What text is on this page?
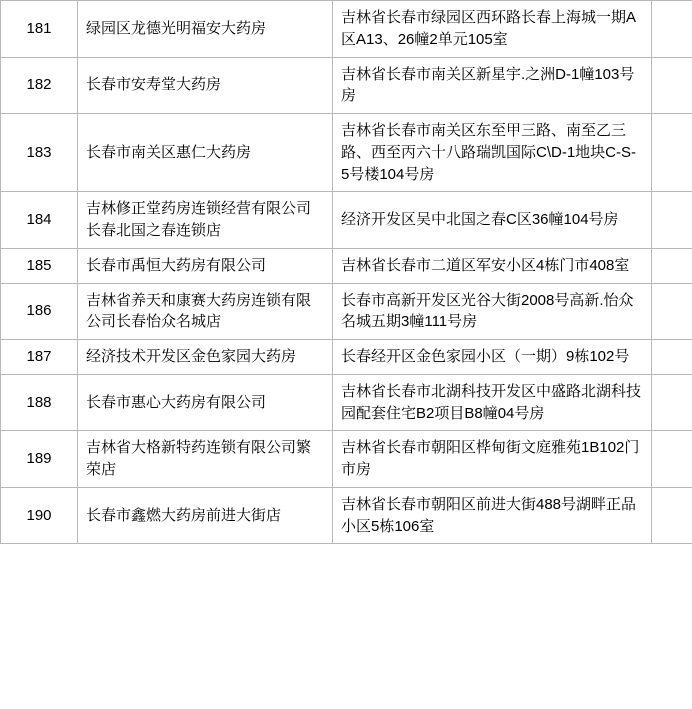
181	绿园区龙德光明福安大药房	吉林省长春市绿园区西环路长春上海城一期A区A13、26幢2单元105室	
182	长春市安寿堂大药房	吉林省长春市南关区新星宇.之洲D-1幢103号房	
183	长春市南关区惠仁大药房	吉林省长春市南关区东至甲三路、南至乙三路、西至丙六十八路瑞凯国际C\D-1地块C-S-5号楼104号房	
184	吉林修正堂药房连锁经营有限公司长春北国之春连锁店	经济开发区吴中北国之春C区36幢104号房	
185	长春市禹恒大药房有限公司	吉林省长春市二道区军安小区4栋门市408室	
186	吉林省养天和康赛大药房连锁有限公司长春怡众名城店	长春市高新开发区光谷大街2008号高新.怡众名城五期3幢111号房	
187	经济技术开发区金色家园大药房	长春经开区金色家园小区（一期）9栋102号	
188	长春市惠心大药房有限公司	吉林省长春市北湖科技开发区中盛路北湖科技园配套住宅B2项目B8幢04号房	
189	吉林省大格新特药连锁有限公司繁荣店	吉林省长春市朝阳区桦甸街文庭雅苑1B102门市房	
190	长春市鑫燃大药房前进大街店	吉林省长春市朝阳区前进大街488号湖畔正品小区5栋106室	
